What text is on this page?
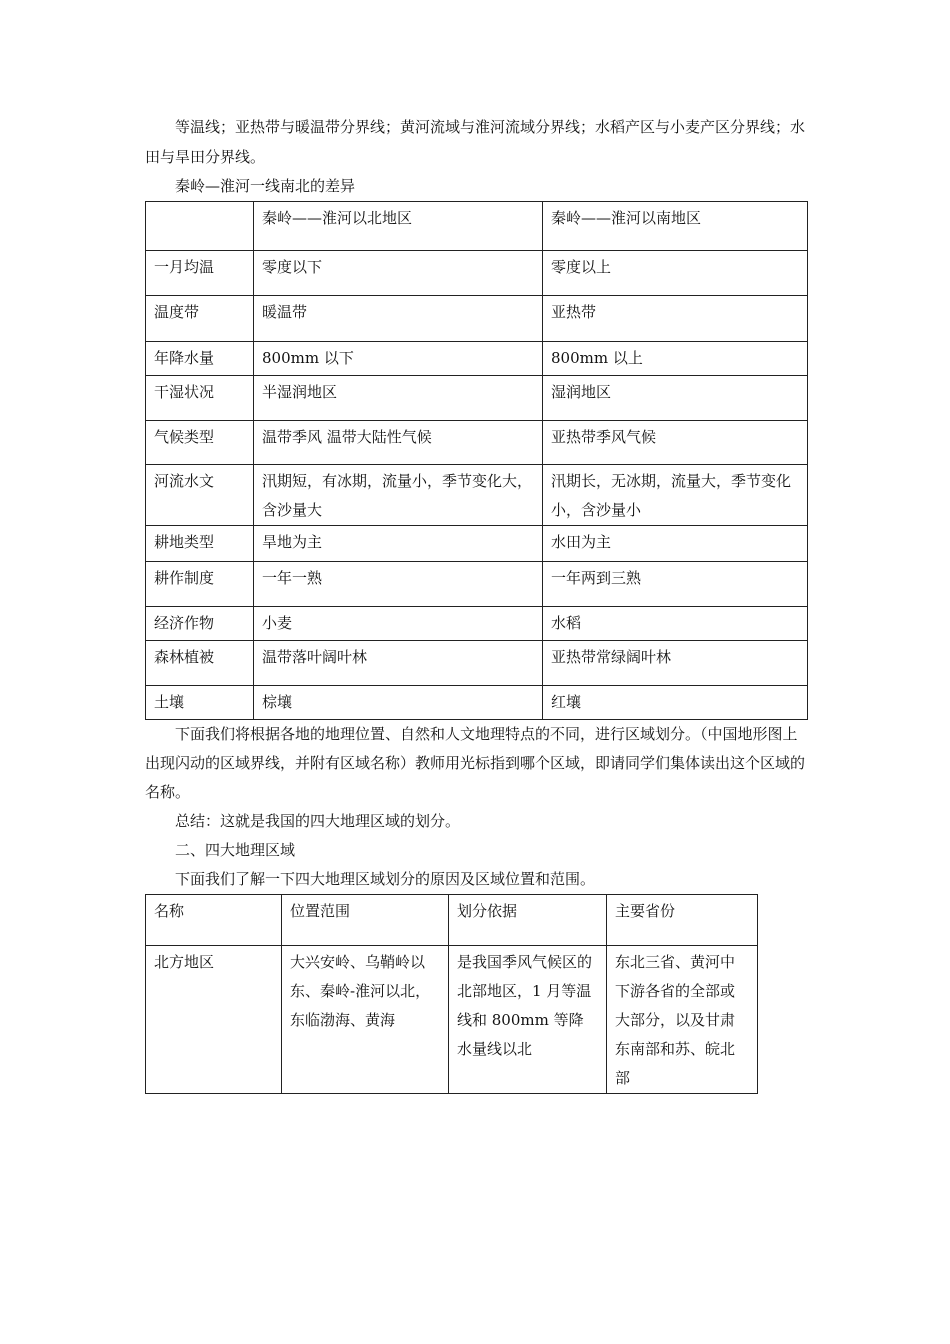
等温线；亚热带与暖温带分界线；黄河流域与淮河流域分界线；水稻产区与小麦产区分界线；水田与旱田分界线。

秦岭—淮河一线南北的差异

	秦岭——淮河以北地区	秦岭——淮河以南地区
一月均温	零度以下	零度以上
温度带	暖温带	亚热带
年降水量	800mm 以下	800mm 以上
干湿状况	半湿润地区	湿润地区
气候类型	温带季风 温带大陆性气候	亚热带季风气候
河流水文	汛期短，有冰期，流量小，季节变化大，含沙量大	汛期长，无冰期，流量大，季节变化小，含沙量小
耕地类型	旱地为主	水田为主
耕作制度	一年一熟	一年两到三熟
经济作物	小麦	水稻
森林植被	温带落叶阔叶林	亚热带常绿阔叶林
土壤	棕壤	红壤

下面我们将根据各地的地理位置、自然和人文地理特点的不同，进行区域划分。（中国地形图上出现闪动的区域界线，并附有区域名称）教师用光标指到哪个区域，即请同学们集体读出这个区域的名称。

总结：这就是我国的四大地理区域的划分。

二、四大地理区域

下面我们了解一下四大地理区域划分的原因及区域位置和范围。

名称	位置范围	划分依据	主要省份
北方地区	大兴安岭、乌鞘岭以东、秦岭-淮河以北，东临渤海、黄海	是我国季风气候区的北部地区，1 月等温线和 800mm 等降水量线以北	东北三省、黄河中下游各省的全部或大部分，以及甘肃东南部和苏、皖北部
